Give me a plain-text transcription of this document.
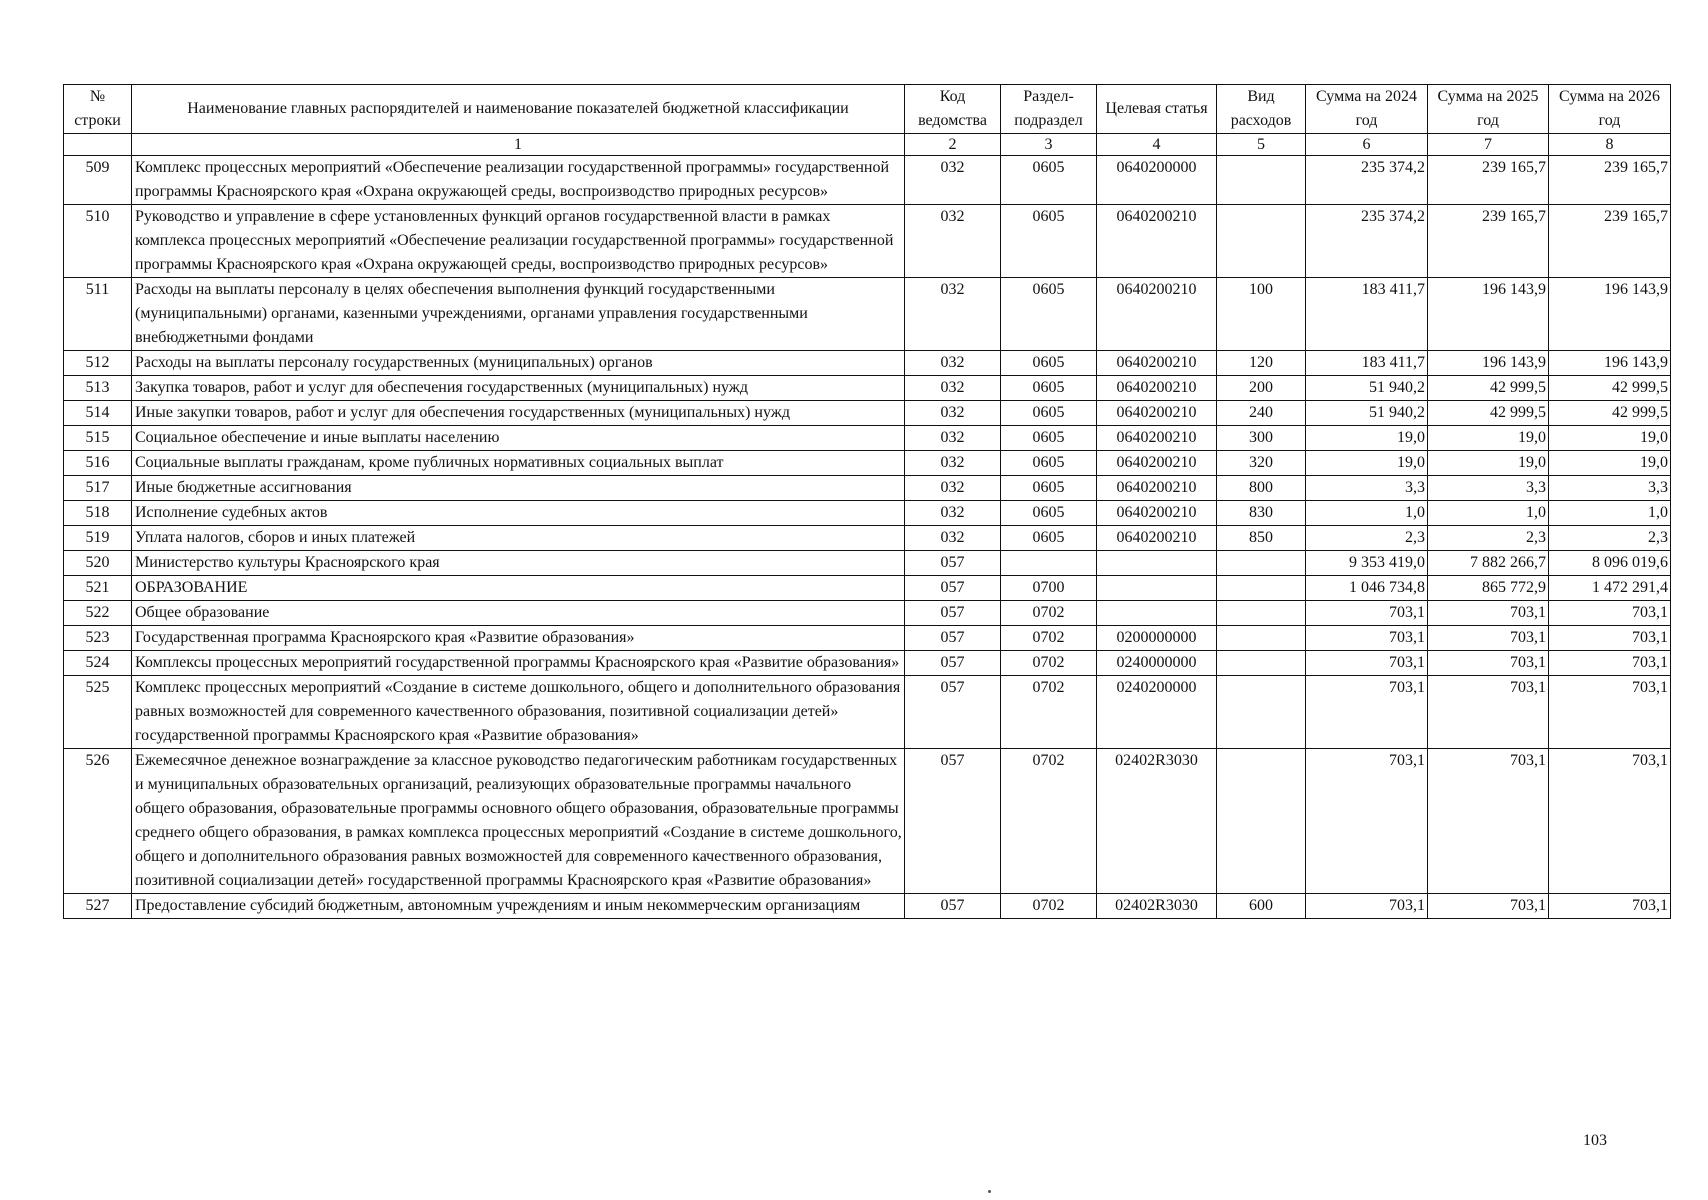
№ строки	Наименование главных распорядителей и наименование показателей бюджетной классификации	Код ведомства	Раздел-подраздел	Целевая статья	Вид расходов	Сумма на 2024 год	Сумма на 2025 год	Сумма на 2026 год
	1	2	3	4	5	6	7	8
509	Комплекс процессных мероприятий «Обеспечение реализации государственной программы» государственной программы Красноярского края «Охрана окружающей среды, воспроизводство природных ресурсов»	032	0605	0640200000		235 374,2	239 165,7	239 165,7
510	Руководство и управление в сфере установленных функций органов государственной власти в рамках комплекса процессных мероприятий «Обеспечение реализации государственной программы» государственной программы Красноярского края «Охрана окружающей среды, воспроизводство природных ресурсов»	032	0605	0640200210		235 374,2	239 165,7	239 165,7
511	Расходы на выплаты персоналу в целях обеспечения выполнения функций государственными (муниципальными) органами, казенными учреждениями, органами управления государственными внебюджетными фондами	032	0605	0640200210	100	183 411,7	196 143,9	196 143,9
512	Расходы на выплаты персоналу государственных (муниципальных) органов	032	0605	0640200210	120	183 411,7	196 143,9	196 143,9
513	Закупка товаров, работ и услуг для обеспечения государственных (муниципальных) нужд	032	0605	0640200210	200	51 940,2	42 999,5	42 999,5
514	Иные закупки товаров, работ и услуг для обеспечения государственных (муниципальных) нужд	032	0605	0640200210	240	51 940,2	42 999,5	42 999,5
515	Социальное обеспечение и иные выплаты населению	032	0605	0640200210	300	19,0	19,0	19,0
516	Социальные выплаты гражданам, кроме публичных нормативных социальных выплат	032	0605	0640200210	320	19,0	19,0	19,0
517	Иные бюджетные ассигнования	032	0605	0640200210	800	3,3	3,3	3,3
518	Исполнение судебных актов	032	0605	0640200210	830	1,0	1,0	1,0
519	Уплата налогов, сборов и иных платежей	032	0605	0640200210	850	2,3	2,3	2,3
520	Министерство культуры Красноярского края	057				9 353 419,0	7 882 266,7	8 096 019,6
521	ОБРАЗОВАНИЕ	057	0700			1 046 734,8	865 772,9	1 472 291,4
522	Общее образование	057	0702			703,1	703,1	703,1
523	Государственная программа Красноярского края «Развитие образования»	057	0702	0200000000		703,1	703,1	703,1
524	Комплексы процессных мероприятий государственной программы Красноярского края «Развитие образования»	057	0702	0240000000		703,1	703,1	703,1
525	Комплекс процессных мероприятий «Создание в системе дошкольного, общего и дополнительного образования равных возможностей для современного качественного образования, позитивной социализации детей» государственной программы Красноярского края «Развитие образования»	057	0702	0240200000		703,1	703,1	703,1
526	Ежемесячное денежное вознаграждение за классное руководство педагогическим работникам государственных и муниципальных образовательных организаций, реализующих образовательные программы начального общего образования, образовательные программы основного общего образования, образовательные программы среднего общего образования, в рамках комплекса процессных мероприятий «Создание в системе дошкольного, общего и дополнительного образования равных возможностей для современного качественного образования, позитивной социализации детей» государственной программы Красноярского края «Развитие образования»	057	0702	02402R3030		703,1	703,1	703,1
527	Предоставление субсидий бюджетным, автономным учреждениям и иным некоммерческим организациям	057	0702	02402R3030	600	703,1	703,1	703,1
103
